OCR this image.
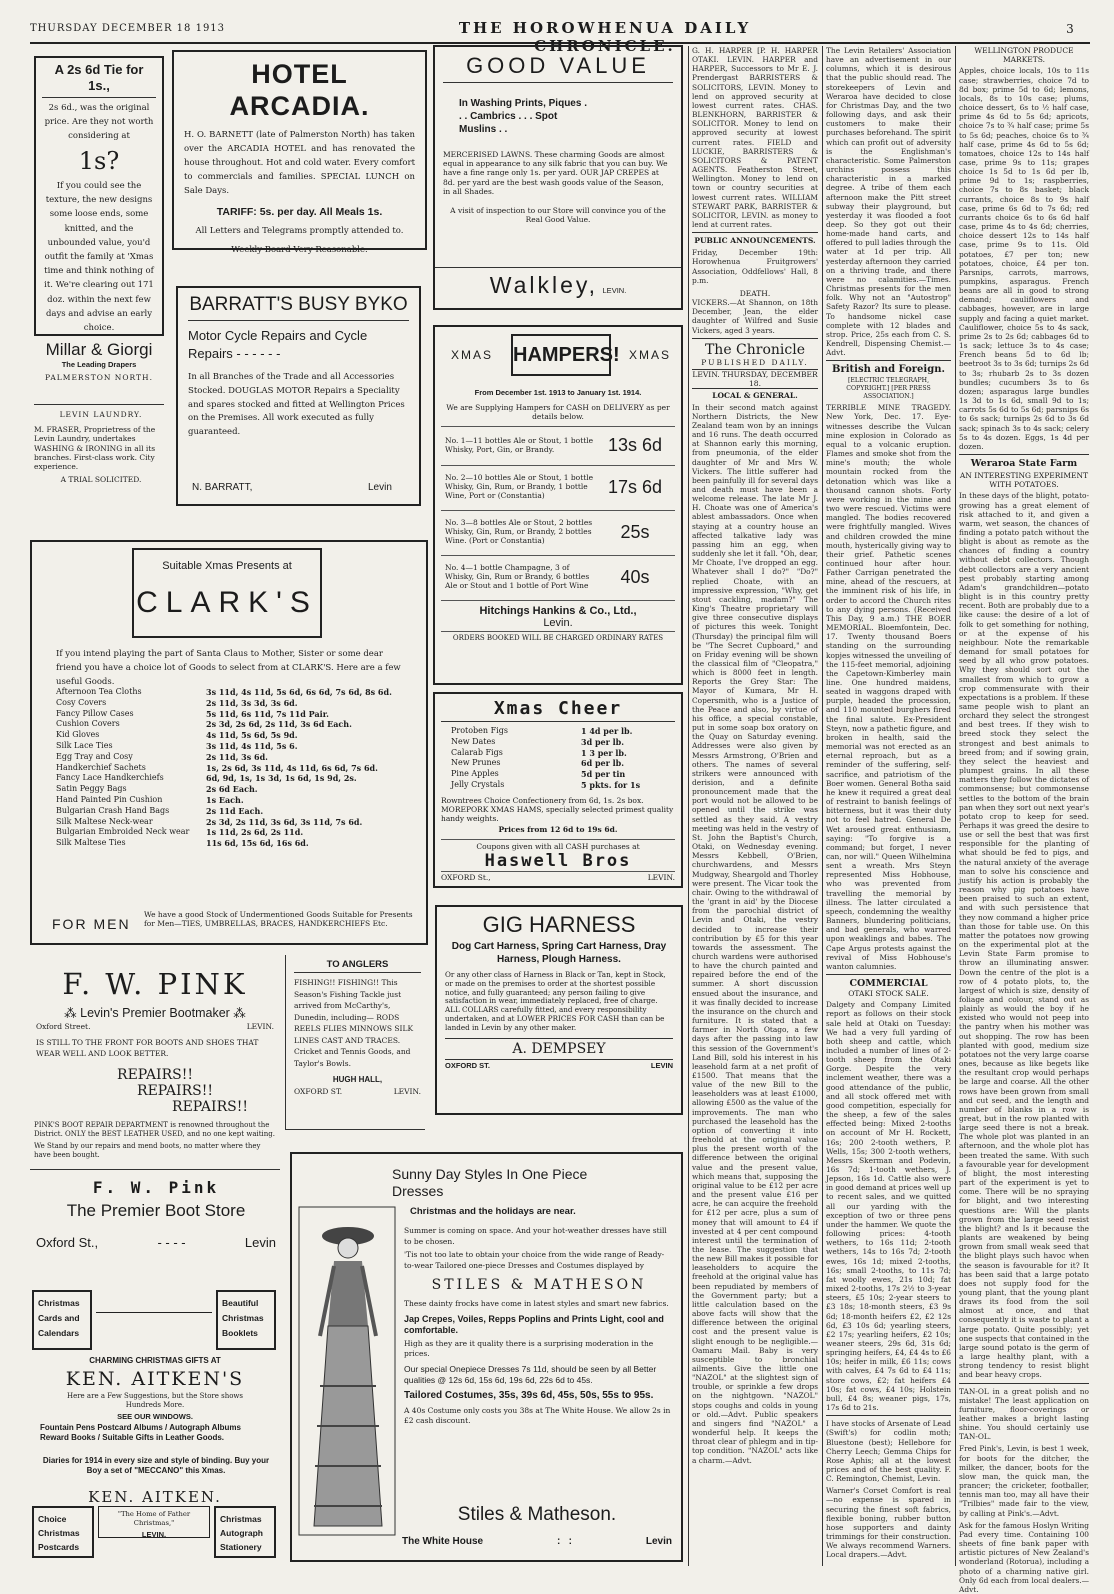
THURSDAY DECEMBER 18 1913	THE HOROWHENUA DAILY CHRONICLE.
3
A 2s 6d Tie for 1s.,

2s 6d., was the original price. Are they not worth considering at

1s?

If you could see the texture, the new designs some loose ends, some knitted, and the unbounded value, you'd outfit the family at 'Xmas time and think nothing of it. We're clearing out 171 doz. within the next few days and advise an early choice.

Millar & Giorgi
The Leading Drapers
PALMERSTON NORTH.
LEVIN LAUNDRY.

M. FRASER, Proprietress of the Levin Laundry, undertakes WASHING & IRONING in all its branches. First-class work. City experience.

A TRIAL SOLICITED.
HOTEL ARCADIA.

H. O. BARNETT (late of Palmerston North) has taken over the ARCADIA HOTEL and has renovated the house throughout. Hot and cold water. Every comfort to commercials and families. SPECIAL LUNCH on Sale Days.

TARIFF: 5s. per day. All Meals 1s.

All Letters and Telegrams promptly attended to.

Weekly Board Very Reasonable.

BARRATT'S BUSY BYKO

Motor Cycle Repairs and Cycle Repairs - - - - - -

In all Branches of the Trade and all Accessories Stocked. DOUGLAS MOTOR Repairs a Speciality and spares stocked and fitted at Wellington Prices on the Premises. All work executed as fully guaranteed.

N. BARRATT,	Levin
GOOD VALUE

In Washing Prints, Piques . . . Cambrics . . . Spot Muslins . .

MERCERISED LAWNS. These charming Goods are almost equal in appearance to any silk fabric that you can buy. We have a fine range only 1s. per yard. OUR JAP CREPES at 8d. per yard are the best wash goods value of the Season, in all Shades.

A visit of inspection to our Store will convince you of the Real Good Value.

Walkley, LEVIN.
XMAS HAMPERS! XMAS

From December 1st. 1913 to January 1st. 1914.

We are Supplying Hampers for CASH on DELIVERY as per details below.

No. 1—11 bottles Ale or Stout, 1 bottle Whisky, Port, Gin, or Brandy.	13s 6d
No. 2—10 bottles Ale or Stout, 1 bottle Whisky, Gin, Rum, or Brandy, 1 bottle Wine, Port or (Constantia)	17s 6d
No. 3—8 bottles Ale or Stout, 2 bottles Whisky, Gin, Rum, or Brandy, 2 bottles Wine. (Port or Constantia)	25s
No. 4—1 bottle Champagne, 3 of Whisky, Gin, Rum or Brandy, 6 bottles Ale or Stout and 1 bottle of Port Wine	40s
Hitchings Hankins & Co., Ltd.,
Levin.
ORDERS BOOKED WILL BE CHARGED ORDINARY RATES
Xmas Cheer
Protoben Figs	1 4d per lb.
New Dates	3d per lb.
Calarab Figs	1 3 per lb.
New Prunes	6d per lb.
Pine Apples	5d per tin
Jelly Crystals	5 pkts. for 1s

Rowntrees Choice Confectionery from 6d, 1s. 2s box. MOREPORK XMAS HAMS, specially selected primest quality handy weights.

Prices from 12 6d to 19s 6d.

Coupons given with all CASH purchases at

Haswell Bros
OXFORD St.,	LEVIN.
Suitable Xmas Presents at
CLARK'S

If you intend playing the part of Santa Claus to Mother, Sister or some dear friend you have a choice lot of Goods to select from at CLARK'S. Here are a few useful Goods.

Afternoon Tea Cloths	3s 11d, 4s 11d, 5s 6d, 6s 6d, 7s 6d, 8s 6d.
Cosy Covers	2s 11d, 3s 3d, 3s 6d.
Fancy Pillow Cases	5s 11d, 6s 11d, 7s 11d Pair.
Cushion Covers	2s 3d, 2s 6d, 2s 11d, 3s 6d Each.
Kid Gloves	4s 11d, 5s 6d, 5s 9d.
Silk Lace Ties	3s 11d, 4s 11d, 5s 6.
Egg Tray and Cosy	2s 11d, 3s 6d.
Handkerchief Sachets	1s, 2s 6d, 3s 11d, 4s 11d, 6s 6d, 7s 6d.
Fancy Lace Handkerchiefs	6d, 9d, 1s, 1s 3d, 1s 6d, 1s 9d, 2s.
Satin Peggy Bags	2s 6d Each.
Hand Painted Pin Cushion	1s Each.
Bulgarian Crash Hand Bags	2s 11d Each.
Silk Maltese Neck-wear	2s 3d, 2s 11d, 3s 6d, 3s 11d, 7s 6d.
Bulgarian Embroided Neck wear	1s 11d, 2s 6d, 2s 11d.
Silk Maltese Ties	11s 6d, 15s 6d, 16s 6d.
FOR MEN

We have a good Stock of Undermentioned Goods Suitable for Presents for Men—TIES, UMBRELLAS, BRACES, HANDKERCHIEFS Etc.

F. W. PINK
⁂ Levin's Premier Bootmaker ⁂
Oxford Street.	LEVIN.

IS STILL TO THE FRONT FOR BOOTS AND SHOES THAT WEAR WELL AND LOOK BETTER.

REPAIRS!!
REPAIRS!!
REPAIRS!!

PINK'S BOOT REPAIR DEPARTMENT is renowned throughout the District. ONLY the BEST LEATHER USED, and no one kept waiting.

We Stand by our repairs and mend boots, no matter where they have been bought.

TO ANGLERS

FISHING!! FISHING!! This Season's Fishing Tackle just arrived from McCarthy's, Dunedin, including— RODS REELS FLIES MINNOWS SILK LINES CAST AND TRACES. Cricket and Tennis Goods, and Taylor's Bowls.

HUGH HALL,
OXFORD ST.	LEVIN.
GIG HARNESS

Dog Cart Harness, Spring Cart Harness, Dray Harness, Plough Harness.

Or any other class of Harness in Black or Tan, kept in Stock, or made on the premises to order at the shortest possible notice, and fully guaranteed; any person failing to give satisfaction in wear, immediately replaced, free of charge. ALL COLLARS carefully fitted, and every responsibility undertaken, and at LOWER PRICES FOR CASH than can be landed in Levin by any other maker.

A. DEMPSEY
OXFORD ST.	LEVIN
F. W. Pink
The Premier Boot Store
Oxford St.,	- - - -	Levin
Christmas Cards and Calendars
Beautiful Christmas Booklets
CHARMING CHRISTMAS GIFTS AT
KEN. AITKEN'S

Here are a Few Suggestions, but the Store shows Hundreds More.

SEE OUR WINDOWS.

Fountain Pens Postcard Albums / Autograph Albums Reward Books / Suitable Gifts in Leather Goods.

Diaries for 1914 in every size and style of binding. Buy your Boy a set of "MECCANO" this Xmas.

KEN. AITKEN.
Choice Christmas Postcards
"The Home of Father Christmas,"
LEVIN.
Christmas Autograph Stationery
Sunny Day Styles In One Piece Dresses
Christmas and the holidays are near.

Summer is coming on space. And your hot-weather dresses have still to be chosen.

'Tis not too late to obtain your choice from the wide range of Ready-to-wear Tailored one-piece Dresses and Costumes displayed by

STILES & MATHESON

These dainty frocks have come in latest styles and smart new fabrics.

Jap Crepes, Voiles, Repps Poplins and Prints Light, cool and comfortable.

High as they are it quality there is a surprising moderation in the prices.

Our special Onepiece Dresses 7s 11d, should be seen by all Better qualities @ 12s 6d, 15s 6d, 19s 6d, 22s 6d to 45s.

Tailored Costumes, 35s, 39s 6d, 45s, 50s, 55s to 95s.

A 40s Costume only costs you 38s at The White House. We allow 2s in £2 cash discount.

Stiles & Matheson.
The White House	:   :	Levin

G. H. HARPER [P. H. HARPER OTAKI. LEVIN. HARPER and HARPER, Successors to Mr E. J. Prendergast BARRISTERS & SOLICITORS, LEVIN. Money to lend on approved security at lowest current rates. CHAS. BLENKHORN, BARRISTER & SOLICITOR. Money to lend on approved security at lowest current rates. FIELD and LUCKIE, BARRISTERS & SOLICITORS & PATENT AGENTS. Featherston Street, Wellington. Money to lend on town or country securities at lowest current rates. WILLIAM STEWART PARK, BARRISTER & SOLICITOR, LEVIN. as money to lend at current rates.

PUBLIC ANNOUNCEMENTS.

Friday, December 19th: Horowhenua Fruitgrowers' Association, Oddfellows' Hall, 8 p.m.

DEATH.

VICKERS.—At Shannon, on 18th December, Jean, the elder daughter of Wilfred and Susie Vickers, aged 3 years.

The Chronicle
PUBLISHED DAILY.
LEVIN. THURSDAY, DECEMBER 18.
LOCAL & GENERAL.

In their second match against Northern Districts, the New Zealand team won by an innings and 16 runs. The death occurred at Shannon early this morning, from pneumonia, of the elder daughter of Mr and Mrs W. Vickers. The little sufferer had been painfully ill for several days and death must have been a welcome release. The late Mr J. H. Choate was one of America's ablest ambassadors. Once when staying at a country house an affected talkative lady was passing him an egg, when suddenly she let it fall. "Oh, dear, Mr Choate, I've dropped an egg. Whatever shall I do?" "Do?" replied Choate, with an impressive expression, "Why, get stout cackling, madam?" The King's Theatre proprietary will give three consecutive displays of pictures this week. Tonight (Thursday) the principal film will be "The Secret Cupboard," and on Friday evening will be shown the classical film of "Cleopatra," which is 8000 feet in length. Reports the Grey Star: The Mayor of Kumara, Mr H. Copersmith, who is a Justice of the Peace and also, by virtue of his office, a special constable, put in some soap box oratory on the Quay on Saturday evening. Addresses were also given by Messrs Armstrong, O'Brien and others. The names of several strikers were announced with derision, and a definite pronouncement made that the port would not be allowed to be opened until the strike was settled as they said. A vestry meeting was held in the vestry of St. John the Baptist's Church, Otaki, on Wednesday evening. Messrs Kebbell, O'Brien, churchwardens, and Messrs Mudgway, Sheargold and Thorley were present. The Vicar took the chair. Owing to the withdrawal of the 'grant in aid' by the Diocese from the parochial district of Levin and Otaki, the vestry decided to increase their contribution by £5 for this year towards the assessment. The church wardens were authorised to have the church painted and repaired before the end of the summer. A short discussion ensued about the insurance, and it was finally decided to increase the insurance on the church and furniture. It is stated that a farmer in North Otago, a few days after the passing into law this session of the Government's Land Bill, sold his interest in his leasehold farm at a net profit of £1500. That means that the value of the new Bill to the leaseholders was at least £1000, allowing £500 as the value of the improvements. The man who purchased the leasehold has the option of converting it into freehold at the original value plus the present worth of the difference between the original value and the present value, which means that, supposing the original value to be £12 per acre and the present value £16 per acre, he can acquire the freehold for £12 per acre, plus a sum of money that will amount to £4 if invested at 4 per cent compound interest until the termination of the lease. The suggestion that the new Bill makes it possible for leaseholders to acquire the freehold at the original value has been repudiated by members of the Government party; but a little calculation based on the above facts will show that the difference between the original cost and the present value is slight enough to be negligible.—Oamaru Mail. Baby is very susceptible to bronchial ailments. Give the little one "NAZOL" at the slightest sign of trouble, or sprinkle a few drops on the nightgown. "NAZOL" stops coughs and colds in young or old.—Advt. Public speakers and singers find "NAZOL" a wonderful help. It keeps the throat clear of phlegm and in tip-top condition. "NAZOL" acts like a charm.—Advt.

The Levin Retailers' Association have an advertisement in our columns, which it is desirous that the public should read. The storekeepers of Levin and Weraroa have decided to close for Christmas Day, and the two following days, and ask their customers to make their purchases beforehand. The spirit which can profit out of adversity is the Englishman's characteristic. Some Palmerston urchins possess this characteristic in a marked degree. A tribe of them each afternoon make the Pitt street subway their playground, but yesterday it was flooded a foot deep. So they got out their home-made hand carts, and offered to pull ladies through the water at 1d per trip. All yesterday afternoon they carried on a thriving trade, and there were no calamities.—Times. Christmas presents for the men folk. Why not an "Autostrop" Safety Razor? Its sure to please. To handsome nickel case complete with 12 blades and strop. Price, 25s each from C. S. Kendrell, Dispensing Chemist.—Advt.

British and Foreign.
[ELECTRIC TELEGRAPH, COPYRIGHT.] [PER PRESS ASSOCIATION.]

TERRIBLE MINE TRAGEDY. New York, Dec. 17. Eye-witnesses describe the Vulcan mine explosion in Colorado as equal to a volcanic eruption. Flames and smoke shot from the mine's mouth; the whole mountain rocked from the detonation which was like a thousand cannon shots. Forty were working in the mine and two were rescued. Victims were mangled. The bodies recovered were frightfully mangled. Wives and children crowded the mine mouth, hysterically giving way to their grief. Pathetic scenes continued hour after hour. Father Carrigan penetrated the mine, ahead of the rescuers, at the imminent risk of his life, in order to accord the Church rites to any dying persons. (Received This Day, 9 a.m.) THE BOER MEMORIAL. Bloemfontein, Dec. 17. Twenty thousand Boers standing on the surrounding kopjes witnessed the unveiling of the 115-feet memorial, adjoining the Capetown-Kimberley main line. One hundred maidens, seated in waggons draped with purple, headed the procession, and 110 mounted burghers fired the final salute. Ex-President Steyn, now a pathetic figure, and broken in health, said the memorial was not erected as an eternal reproach, but as a reminder of the suffering, self-sacrifice, and patriotism of the Boer women. General Botha said he knew it required a great deal of restraint to banish feelings of bitterness, but it was their duty not to feel hatred. General De Wet aroused great enthusiasm, saying: "To forgive is a command; but forget, I never can, nor will." Queen Wilhelmina sent a wreath. Mrs Steyn represented Miss Hobhouse, who was prevented from travelling the memorial by illness. The latter circulated a speech, condemning the wealthy Banners, blundering politicians, and bad generals, who warred upon weaklings and babes. The Cape Argus protests against the revival of Miss Hobhouse's wanton calumnies.

COMMERCIAL
OTAKI STOCK SALE.

Dalgety and Company Limited report as follows on their stock sale held at Otaki on Tuesday: We had a very full yarding of both sheep and cattle, which included a number of lines of 2-tooth sheep from the Otaki Gorge. Despite the very inclement weather, there was a good attendance of the public, and all stock offered met with good competition, especially for the sheep, a few of the sales effected being: Mixed 2-tooths on account of Mr H. Rockett, 16s; 200 2-tooth wethers, P. Wells, 15s; 300 2-tooth wethers, Messrs Skerman and Podevin, 16s 7d; 1-tooth wethers, J. Jepson, 16s 1d. Cattle also were in good demand at prices well up to recent sales, and we quitted all our yarding with the exception of two or three pens under the hammer. We quote the following prices: 4-tooth wethers, to 16s 11d; 2-tooth wethers, 14s to 16s 7d; 2-tooth ewes, 16s 1d; mixed 2-tooths, 16s; small 2-tooths, to 11s 7d; fat woolly ewes, 21s 10d; fat mixed 2-tooths, 17s 2½ to 3-year steers, £5 10s; 2-year steers to £3 18s; 18-month steers, £3 9s 6d; 18-month heifers £2, £2 12s 6d, £3 10s 6d; yearling steers, £2 17s; yearling heifers, £2 10s; weaner steers, 29s 6d, 31s 6d; springing heifers, £4, £4 4s to £6 10s; heifer in milk, £6 11s; cows with calves, £4 7s 6d to £4 11s; store cows, £2; fat heifers £4 10s; fat cows, £4 10s; Holstein bull, £4 8s; weaner pigs, 17s, 17s 6d to 21s.

I have stocks of Arsenate of Lead (Swift's) for codlin moth; Bluestone (best); Hellebore for Cherry Leech; Gemma Chips for Rose Aphis; all at the lowest prices and of the best quality. F. C. Remington, Chemist, Levin.

Warner's Corset Comfort is real—no expense is spared in securing the finest soft fabrics, flexible boning, rubber button hose supporters and dainty trimmings for their construction. We always recommend Warners. Local drapers.—Advt.

WELLINGTON PRODUCE MARKETS.

Apples, choice locals, 10s to 11s case; strawberries, choice 7d to 8d box; prime 5d to 6d; lemons, locals, 8s to 10s case; plums, choice dessert, 6s to ½ half case, prime 4s 6d to 5s 6d; apricots, choice 7s to ¾ half case; prime 5s to 5s 6d; peaches, choice 6s to ¾ half case, prime 4s 6d to 5s 6d; tomatoes, choice 12s to 14s half case, prime 9s to 11s; grapes choice 1s 5d to 1s 6d per lb, prime 9d to 1s; raspberries, choice 7s to 8s basket; black currants, choice 8s to 9s half case, prime 6s 6d to 7s 6d; red currants choice 6s to 6s 6d half case, prime 4s to 4s 6d; cherries, choice dessert 12s to 14s half case, prime 9s to 11s. Old potatoes, £7 per ton; new potatoes, choice, £4 per ton. Parsnips, carrots, marrows, pumpkins, asparagus. French beans are all in good to strong demand; cauliflowers and cabbages, however, are in large supply and facing a quiet market. Cauliflower, choice 5s to 4s sack, prime 2s to 2s 6d; cabbages 6d to 1s sack; lettuce 3s to 4s case; French beans 5d to 6d lb; beetroot 3s to 3s 6d; turnips 2s 6d to 3s; rhubarb 2s to 3s dozen bundles; cucumbers 3s to 6s dozen; asparagus large bundles 1s 3d to 1s 6d, small 9d to 1s; carrots 5s 6d to 5s 6d; parsnips 6s to 6s sack; turnips 2s 6d to 3s 6d sack; spinach 3s to 4s sack; celery 5s to 4s dozen. Eggs, 1s 4d per dozen.

Weraroa State Farm
AN INTERESTING EXPERIMENT WITH POTATOES.

In these days of the blight, potato-growing has a great element of risk attached to it, and given a warm, wet season, the chances of finding a potato patch without the blight is about as remote as the chances of finding a country without debt collectors. Though debt collectors are a very ancient pest probably starting among Adam's grandchildren—potato blight is in this country pretty recent. Both are probably due to a like cause: the desire of a lot of folk to get something for nothing, or at the expense of his neighbour. Note the remarkable demand for small potatoes for seed by all who grow potatoes. Why they should sort out the smallest from which to grow a crop commensurate with their expectations is a problem. If these same people wish to plant an orchard they select the strongest and best trees. If they wish to breed stock they select the strongest and best animals to breed from; and if sowing grain, they select the heaviest and plumpest grains. In all these matters they follow the dictates of commonsense; but commonsense settles to the bottom of the brain pan when they sort out next year's potato crop to keep for seed. Perhaps it was greed the desire to use or sell the best that was first responsible for the planting of what should be fed to pigs, and the natural anxiety of the average man to solve his conscience and justify his action is probably the reason why pig potatoes have been praised to such an extent, and with such persistence that they now command a higher price than those for table use. On this matter the potatoes now growing on the experimental plot at the Levin State Farm promise to throw an illuminating answer. Down the centre of the plot is a row of 4 potato plots, to, the largest of which is size, density of foliage and colour, stand out as plainly as would the boy if he existed who would not peep into the pantry when his mother was out shopping. The row has been planted with good, medium size potatoes not the very large coarse ones, because as like begets like the resultant crop would perhaps be large and coarse. All the other rows have been grown from small and cut seed, and the length and number of blanks in a row is great, but in the row planted with large seed there is not a break. The whole plot was planted in an afternoon, and the whole plot has been treated the same. With such a favourable year for development of blight, the most interesting part of the experiment is yet to come. There will be no spraying for blight, and two interesting questions are: Will the plants grown from the large seed resist the blight? and Is it because the plants are weakened by being grown from small weak seed that the blight plays such havoc when the season is favourable for it? It has been said that a large potato does not supply food for the young plant, that the young plant draws its food from the soil almost at once, and that consequently it is waste to plant a large potato. Quite possibly; yet one suspects that contained in the large sound potato is the germ of a large healthy plant, with a strong tendency to resist blight and bear heavy crops.

TAN-OL in a great polish and no mistake! The least application on furniture, floor-coverings or leather makes a bright lasting shine. You should certainly use TAN-OL.

Fred Pink's, Levin, is best 1 week, for boots for the ditcher, the milker, the dancer, boots for the slow man, the quick man, the prancer; the cricketer, footballer, tennis man too, may all have their "Trilbies" made fair to the view, by calling at Pink's.—Advt.

Ask for the famous Hoslyn Writing Pad every time. Containing 100 sheets of fine bank paper with artistic pictures of New Zealand's wonderland (Rotorua), including a photo of a charming native girl. Only 6d each from local dealers.—Advt.
